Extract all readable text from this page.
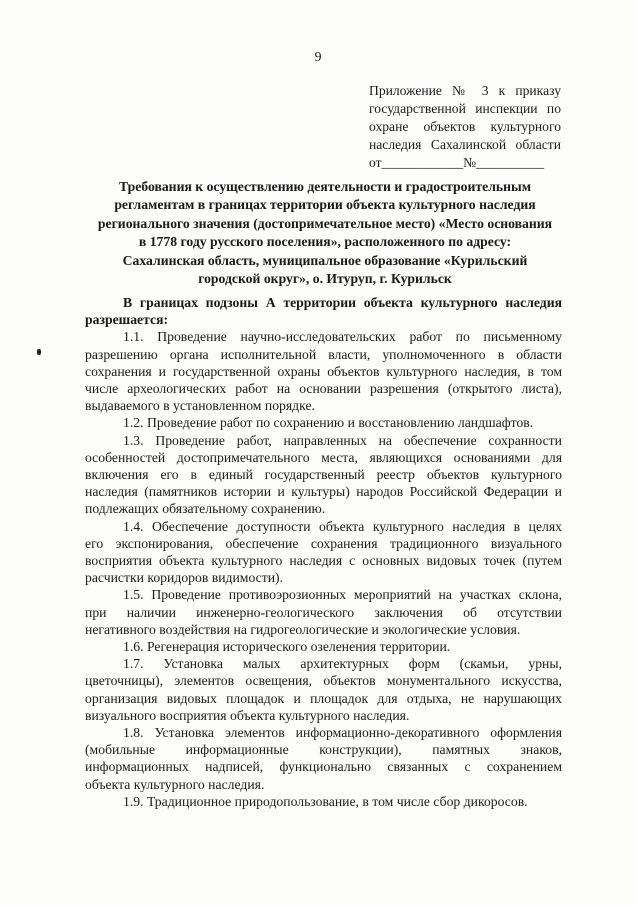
9
Приложение № 3 к приказу
государственной инспекции по
охране объектов культурного
наследия Сахалинской области
от____________№__________
Требования к осуществлению деятельности и градостроительным
регламентам в границах территории объекта культурного наследия
регионального значения (достопримечательное место) «Место основания
в 1778 году русского поселения», расположенного по адресу:
Сахалинская область, муниципальное образование «Курильский
городской округ», о. Итуруп, г. Курильск
В границах подзоны А территории объекта культурного наследия
разрешается:
1.1. Проведение научно-исследовательских работ по письменному
разрешению органа исполнительной власти, уполномоченного в области
сохранения и государственной охраны объектов культурного наследия, в том
числе археологических работ на основании разрешения (открытого листа),
выдаваемого в установленном порядке.
1.2. Проведение работ по сохранению и восстановлению ландшафтов.
1.3. Проведение работ, направленных на обеспечение сохранности
особенностей достопримечательного места, являющихся основаниями для
включения его в единый государственный реестр объектов культурного
наследия (памятников истории и культуры) народов Российской Федерации и
подлежащих обязательному сохранению.
1.4. Обеспечение доступности объекта культурного наследия в целях
его экспонирования, обеспечение сохранения традиционного визуального
восприятия объекта культурного наследия с основных видовых точек (путем
расчистки коридоров видимости).
1.5. Проведение противоэрозионных мероприятий на участках склона,
при наличии инженерно-геологического заключения об отсутствии
негативного воздействия на гидрогеологические и экологические условия.
1.6. Регенерация исторического озеленения территории.
1.7. Установка малых архитектурных форм (скамьи, урны,
цветочницы), элементов освещения, объектов монументального искусства,
организация видовых площадок и площадок для отдыха, не нарушающих
визуального восприятия объекта культурного наследия.
1.8. Установка элементов информационно-декоративного оформления
(мобильные информационные конструкции), памятных знаков,
информационных надписей, функционально связанных с сохранением
объекта культурного наследия.
1.9. Традиционное природопользование, в том числе сбор дикоросов.
